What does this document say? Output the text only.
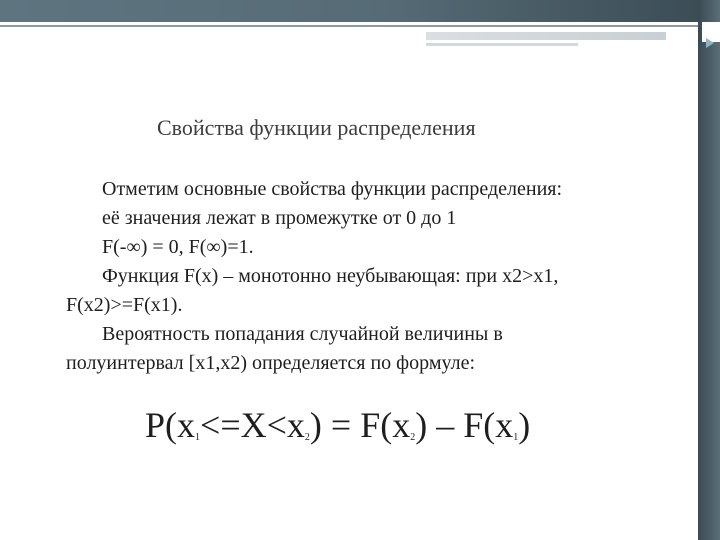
Свойства функции распределения
Отметим основные свойства функции распределения:
её значения лежат в промежутке от 0 до 1
F(-∞) = 0, F(∞)=1.
Функция F(x) – монотонно неубывающая: при x2>x1,
F(x2)>=F(x1).
Вероятность попадания случайной величины в
полуинтервал [x1,x2) определяется по формуле:
$P(x_1<=X<x_2) = F(x_2) - F(x_1)$
